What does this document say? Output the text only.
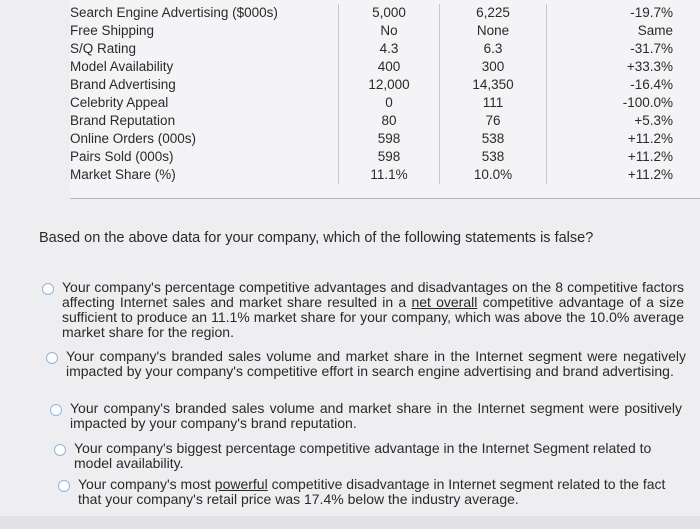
Search Engine Advertising ($000s)	5,000	6,225	-19.7%
Free Shipping	No	None	Same
S/Q Rating	4.3	6.3	-31.7%
Model Availability	400	300	+33.3%
Brand Advertising	12,000	14,350	-16.4%
Celebrity Appeal	0	111	-100.0%
Brand Reputation	80	76	+5.3%
Online Orders (000s)	598	538	+11.2%
Pairs Sold (000s)	598	538	+11.2%
Market Share (%)	11.1%	10.0%	+11.2%
Based on the above data for your company, which of the following statements is false?
Your company's percentage competitive advantages and disadvantages on the 8 competitive factors affecting Internet sales and market share resulted in a net overall competitive advantage of a size sufficient to produce an 11.1% market share for your company, which was above the 10.0% average market share for the region.
Your company's branded sales volume and market share in the Internet segment were negatively impacted by your company's competitive effort in search engine advertising and brand advertising.
Your company's branded sales volume and market share in the Internet segment were positively impacted by your company's brand reputation.
Your company's biggest percentage competitive advantage in the Internet Segment related to model availability.
Your company's most powerful competitive disadvantage in Internet segment related to the fact that your company's retail price was 17.4% below the industry average.
